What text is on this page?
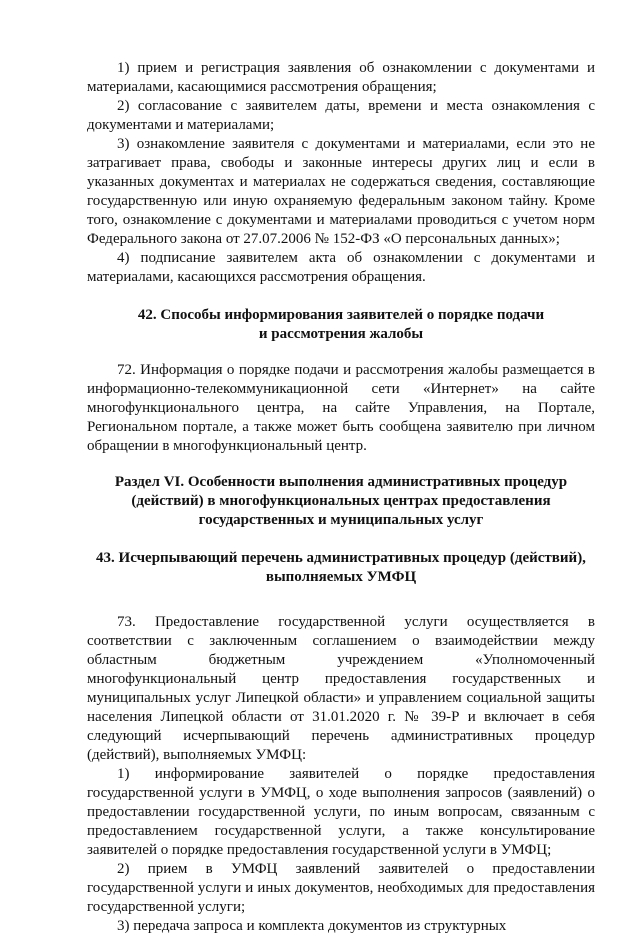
1) прием и регистрация заявления об ознакомлении с документами и материалами, касающимися рассмотрения обращения;

2) согласование с заявителем даты, времени и места ознакомления с документами и материалами;

3) ознакомление заявителя с документами и материалами, если это не затрагивает права, свободы и законные интересы других лиц и если в указанных документах и материалах не содержаться сведения, составляющие государственную или иную охраняемую федеральным законом тайну. Кроме того, ознакомление с документами и материалами проводиться с учетом норм Федерального закона от 27.07.2006 № 152-ФЗ «О персональных данных»;

4) подписание заявителем акта об ознакомлении с документами и материалами, касающихся рассмотрения обращения.

42. Способы информирования заявителей о порядке подачи
и рассмотрения жалобы

72. Информация о порядке подачи и рассмотрения жалобы размещается в информационно-телекоммуникационной сети «Интернет» на сайте многофункционального центра, на сайте Управления, на Портале, Региональном портале, а также может быть сообщена заявителю при личном обращении в многофункциональный центр.

Раздел VI. Особенности выполнения административных процедур
(действий) в многофункциональных центрах предоставления
государственных и муниципальных услуг
43. Исчерпывающий перечень административных процедур (действий),
выполняемых УМФЦ

73. Предоставление государственной услуги осуществляется в соответствии с заключенным соглашением о взаимодействии между областным бюджетным учреждением «Уполномоченный многофункциональный центр предоставления государственных и муниципальных услуг Липецкой области» и управлением социальной защиты населения Липецкой области от 31.01.2020 г. № 39-Р и включает в себя следующий исчерпывающий перечень административных процедур (действий), выполняемых УМФЦ:

1) информирование заявителей о порядке предоставления государственной услуги в УМФЦ, о ходе выполнения запросов (заявлений) о предоставлении государственной услуги, по иным вопросам, связанным с предоставлением государственной услуги, а также консультирование заявителей о порядке предоставления государственной услуги в УМФЦ;

2) прием в УМФЦ заявлений заявителей о предоставлении государственной услуги и иных документов, необходимых для предоставления государственной услуги;

3) передача запроса и комплекта документов из структурных
